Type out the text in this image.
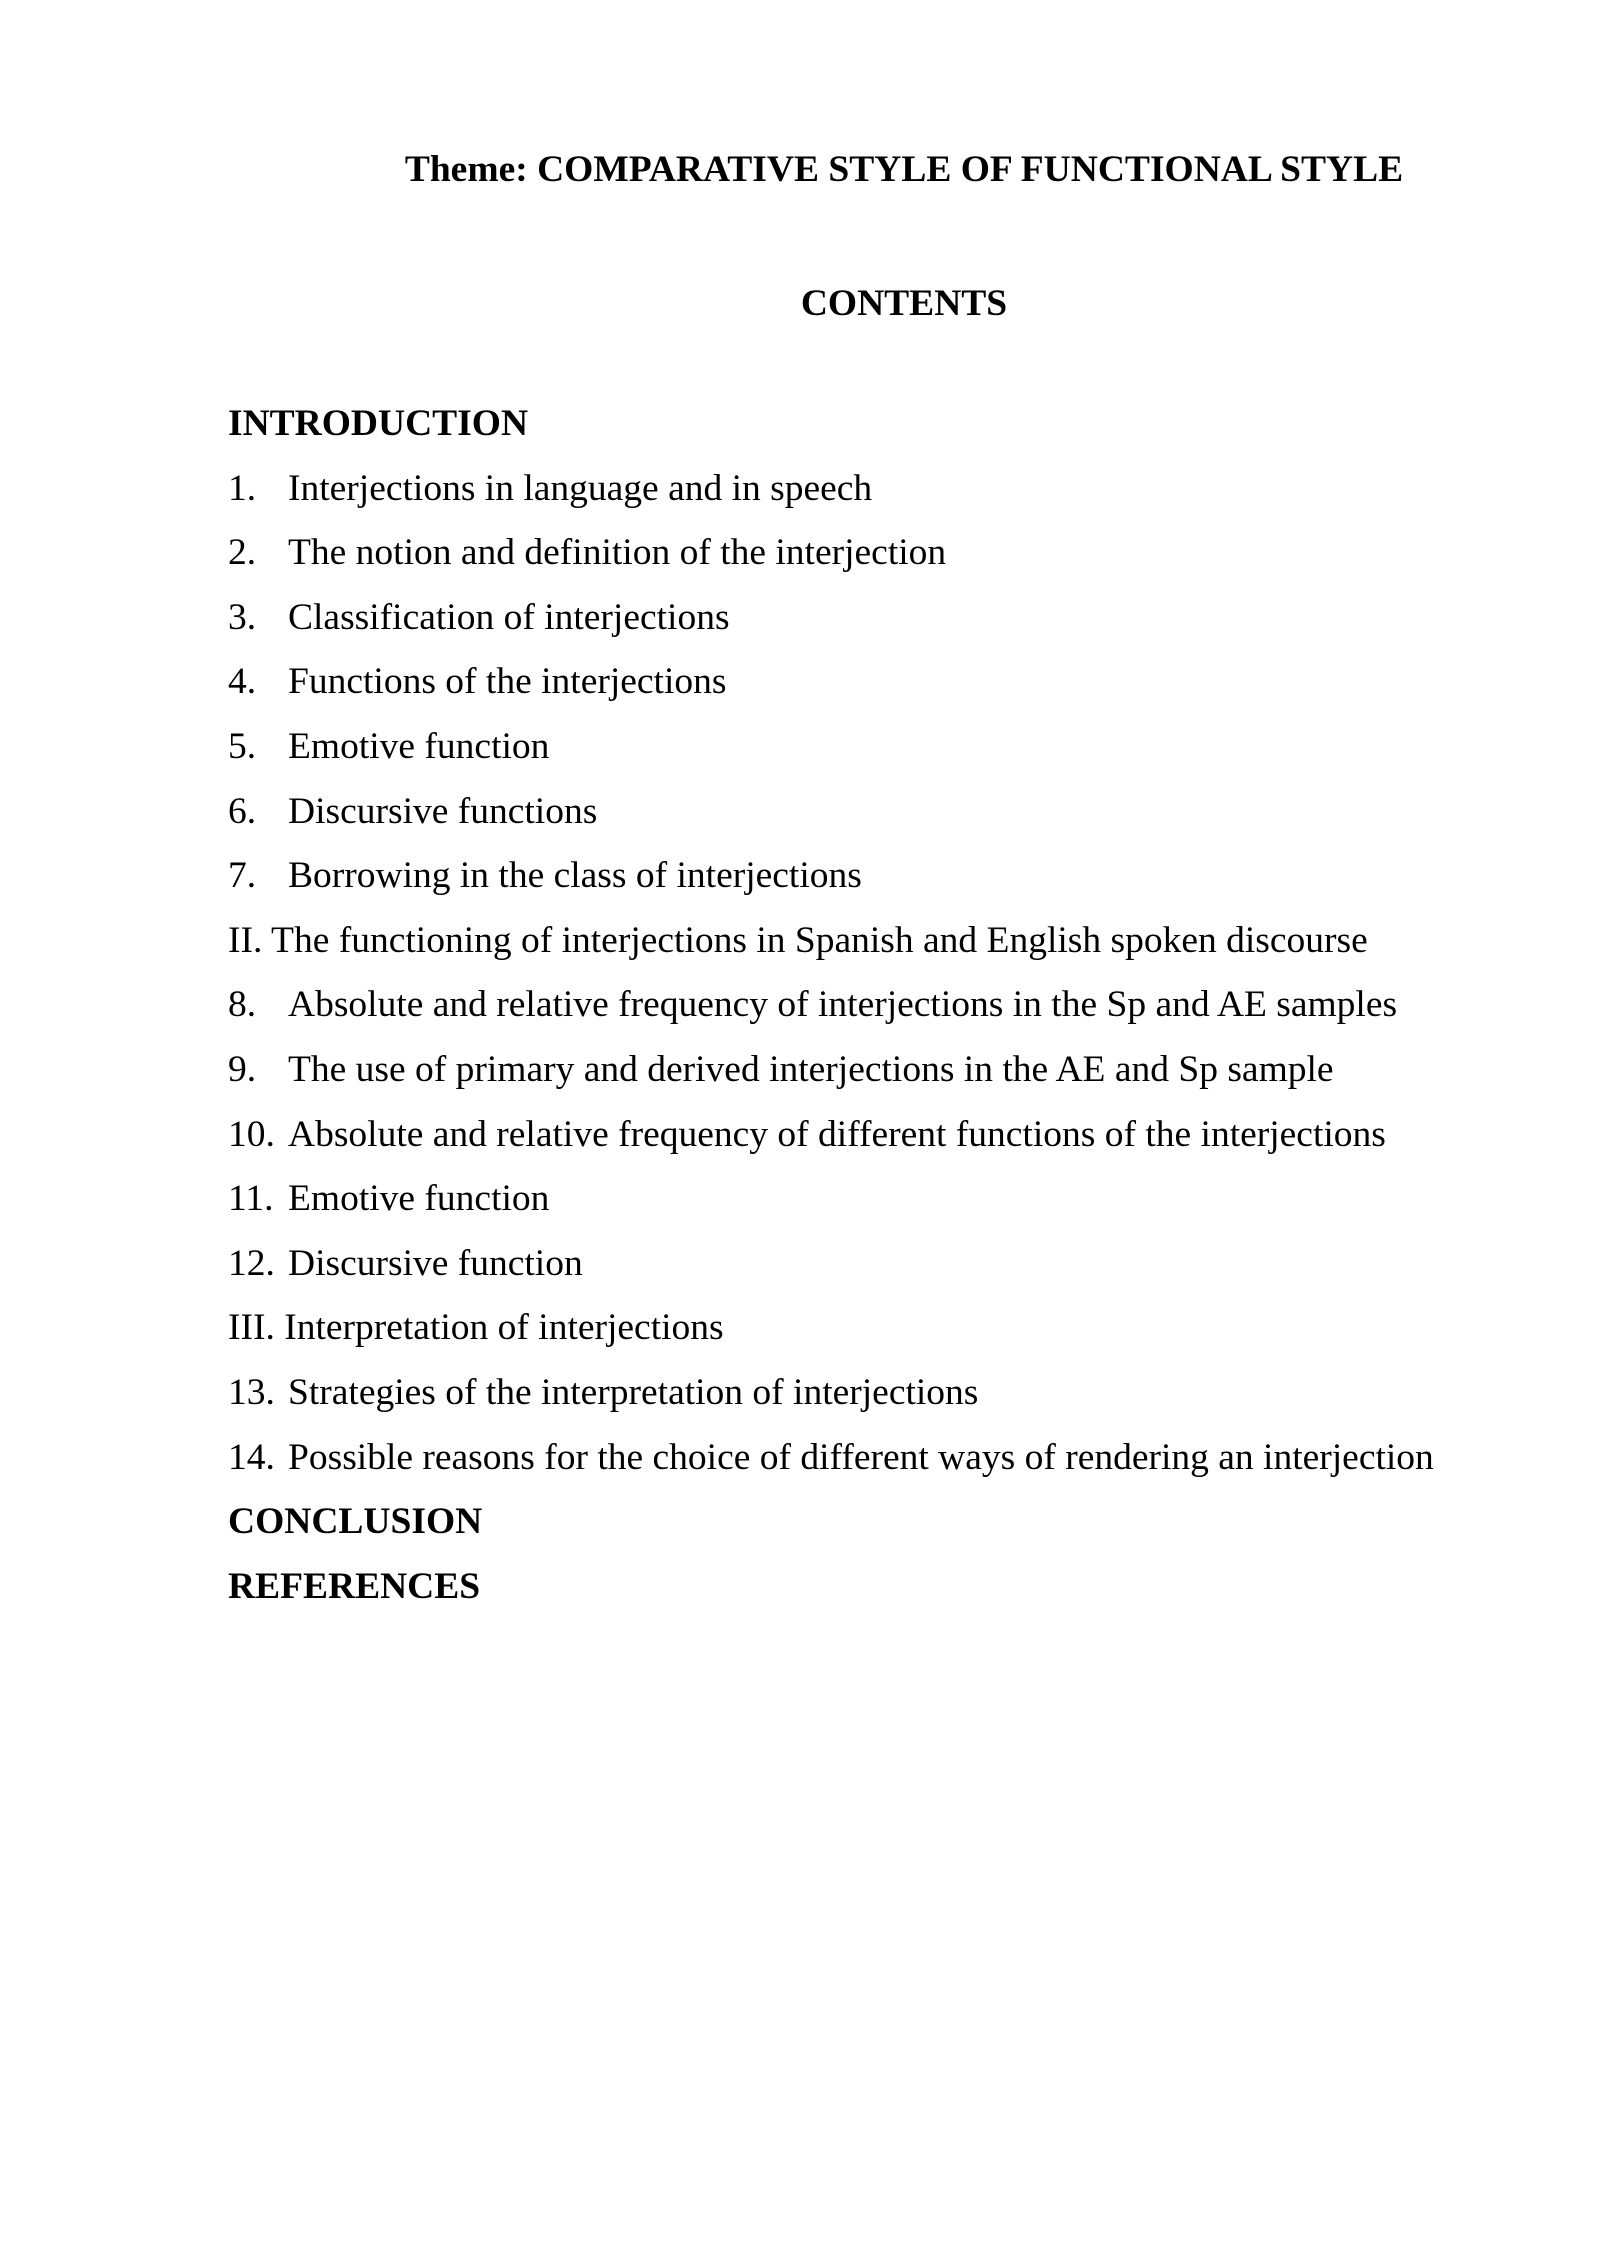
Theme: COMPARATIVE STYLE OF FUNCTIONAL STYLE
CONTENTS
INTRODUCTION
1. Interjections in language and in speech
2. The notion and definition of the interjection
3. Classification of interjections
4. Functions of the interjections
5. Emotive function
6. Discursive functions
7. Borrowing in the class of interjections
II. The functioning of interjections in Spanish and English spoken discourse
8. Absolute and relative frequency of interjections in the Sp and AE samples
9. The use of primary and derived interjections in the AE and Sp sample
10. Absolute and relative frequency of different functions of the interjections
11. Emotive function
12. Discursive function
III. Interpretation of interjections
13. Strategies of the interpretation of interjections
14. Possible reasons for the choice of different ways of rendering an interjection
CONCLUSION
REFERENCES
